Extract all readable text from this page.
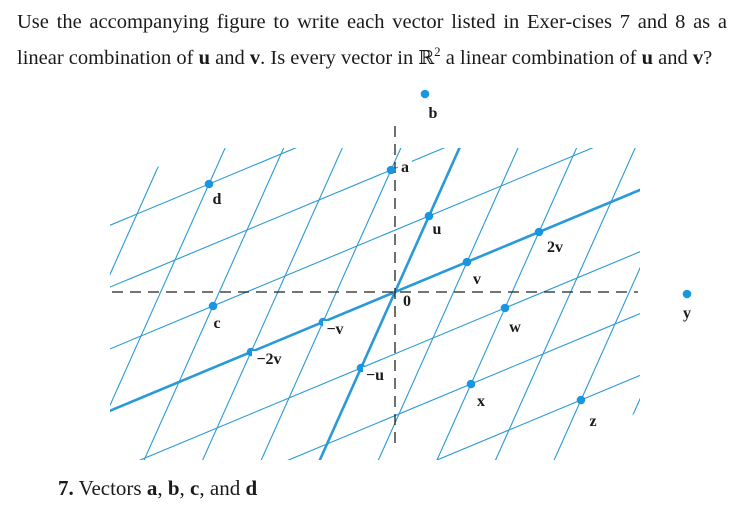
Use the accompanying figure to write each vector listed in Exer-cises 7 and 8 as a linear combination of u and v. Is every vector in ℝ$^2$ a linear combination of u and v?

d
b
c
a
u
2v
v
w
−v
−2v
−u
x
y
z
0

7. Vectors a, b, c, and d
